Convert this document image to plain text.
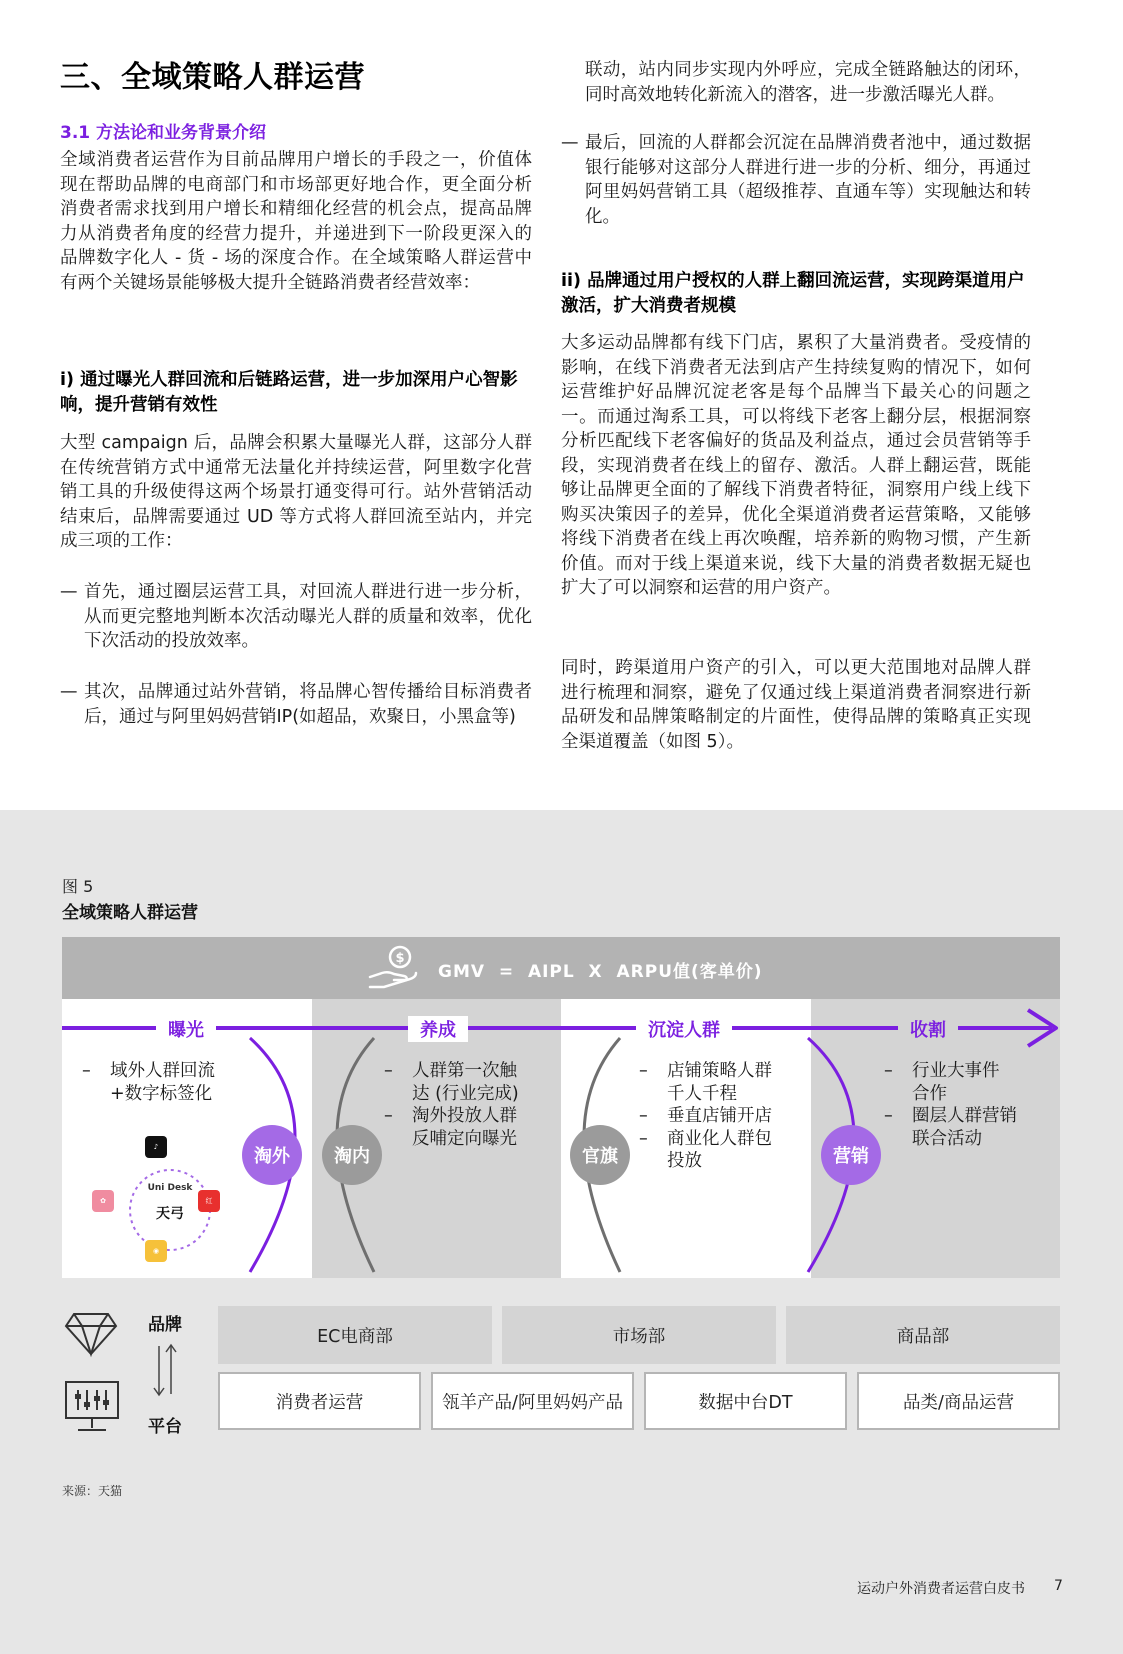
三、全域策略人群运营
3.1 方法论和业务背景介绍
全域消费者运营作为目前品牌用户增长的手段之一，价值体现在帮助品牌的电商部门和市场部更好地合作，更全面分析消费者需求找到用户增长和精细化经营的机会点，提高品牌力从消费者角度的经营力提升，并递进到下一阶段更深入的品牌数字化人 - 货 - 场的深度合作。在全域策略人群运营中有两个关键场景能够极大提升全链路消费者经营效率：
i) 通过曝光人群回流和后链路运营，进一步加深用户心智影响，提升营销有效性
大型 campaign 后，品牌会积累大量曝光人群，这部分人群在传统营销方式中通常无法量化并持续运营，阿里数字化营销工具的升级使得这两个场景打通变得可行。站外营销活动结束后，品牌需要通过 UD 等方式将人群回流至站内，并完成三项的工作：
— 首先，通过圈层运营工具，对回流人群进行进一步分析，从而更完整地判断本次活动曝光人群的质量和效率，优化下次活动的投放效率。
— 其次，品牌通过站外营销，将品牌心智传播给目标消费者后，通过与阿里妈妈营销IP(如超品，欢聚日，小黑盒等)
联动，站内同步实现内外呼应，完成全链路触达的闭环，同时高效地转化新流入的潜客，进一步激活曝光人群。
— 最后，回流的人群都会沉淀在品牌消费者池中，通过数据银行能够对这部分人群进行进一步的分析、细分，再通过阿里妈妈营销工具（超级推荐、直通车等）实现触达和转化。
ii) 品牌通过用户授权的人群上翻回流运营，实现跨渠道用户激活，扩大消费者规模
大多运动品牌都有线下门店，累积了大量消费者。受疫情的影响，在线下消费者无法到店产生持续复购的情况下，如何运营维护好品牌沉淀老客是每个品牌当下最关心的问题之一。而通过淘系工具，可以将线下老客上翻分层，根据洞察分析匹配线下老客偏好的货品及利益点，通过会员营销等手段，实现消费者在线上的留存、激活。人群上翻运营，既能够让品牌更全面的了解线下消费者特征，洞察用户线上线下购买决策因子的差异，优化全渠道消费者运营策略，又能够将线下消费者在线上再次唤醒，培养新的购物习惯，产生新价值。而对于线上渠道来说，线下大量的消费者数据无疑也扩大了可以洞察和运营的用户资产。
同时，跨渠道用户资产的引入，可以更大范围地对品牌人群进行梳理和洞察，避免了仅通过线上渠道消费者洞察进行新品研发和品牌策略制定的片面性，使得品牌的策略真正实现全渠道覆盖（如图 5）。
图 5
全域策略人群运营
$
GMV  =  AIPL  X  ARPU值(客单价)
曝光	养成	沉淀人群	收割
– 域外人群回流
+数字标签化
– 人群第一次触
达 (行业完成)
– 淘外投放人群
反哺定向曝光
– 店铺策略人群
千人千程
– 垂直店铺开店
– 商业化人群包
投放
– 行业大事件
合作
– 圈层人群营销
联合活动
淘外	淘内	官旗	营销
Uni Desk
天弓
♪
✿	红
◉
品牌
平台
EC电商部	市场部	商品部
消费者运营	瓴羊产品/阿里妈妈产品	数据中台DT	品类/商品运营
来源：天猫
运动户外消费者运营白皮书 7
